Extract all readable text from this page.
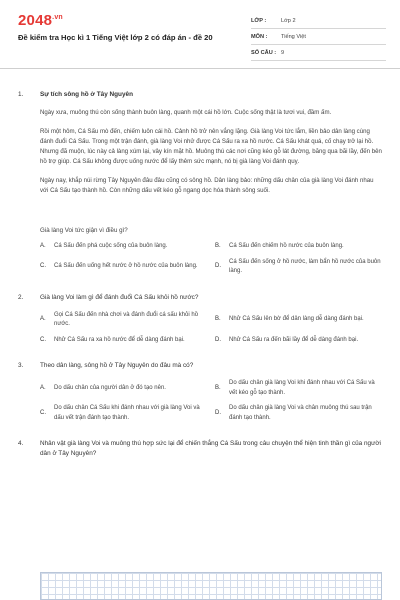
$2048^{.vn}$
Đề kiểm tra Học kì 1 Tiếng Việt lớp 2 có đáp án - đề 20
LỚP :	Lớp 2
MÔN :	Tiếng Việt
SỐ CÂU : 9
1.	Sự tích sông hồ ở Tây Nguyên
Ngày xưa, muông thú còn sống thành buôn làng, quanh một cái hồ lớn. Cuộc sống thật là tươi vui, đầm ấm.
Rồi một hôm, Cá Sấu mò đến, chiếm luôn cái hồ. Cảnh hồ trở nên vắng lặng. Già làng Voi tức lắm, liền bảo dân làng cùng đánh đuổi Cá Sấu. Trong một trận đánh, già làng Voi nhử được Cá Sấu ra xa hồ nước. Cá Sấu khát quá, cố chạy trở lại hồ. Nhưng đã muộn, lúc này cả làng xúm lại, vây kín mặt hồ. Muông thú các nơi cũng kéo gỗ lát đường, băng qua bãi lầy, đến bên hồ trợ giúp. Cá Sấu không được uống nước để lấy thêm sức mạnh, nó bị già làng Voi đánh quỵ.
Ngày nay, khắp núi rừng Tây Nguyên đâu đâu cũng có sông hồ. Dân làng bảo: những dấu chân của già làng Voi đánh nhau với Cá Sấu tạo thành hồ. Còn những dấu vết kéo gỗ ngang dọc hóa thành sông suối.
Già làng Voi tức giận vì điều gì?
A.	Cá Sấu đến phá cuộc sống của buôn làng.	B.	Cá Sấu đến chiếm hồ nước của buôn làng.
C.	Cá Sấu đến uống hết nước ở hồ nước của buôn làng.	D.
Cá Sấu đến sống ở hồ nước, làm bẩn hồ nước của buôn làng.
2.	Già làng Voi làm gì để đánh đuổi Cá Sấu khỏi hồ nước?
A.
Gọi Cá Sấu đến nhà chơi và đánh đuổi cá sấu khỏi hồ nước.
B.	Nhử Cá Sấu lên bờ để dân làng dễ dàng đánh bại.
C.	Nhử Cá Sấu ra xa hồ nước để dễ dàng đánh bại.	D.	Nhử Cá Sấu ra đến bãi lầy để dễ dàng đánh bại.
3.	Theo dân làng, sông hồ ở Tây Nguyên do đâu mà có?
A.	Do dấu chân của người dân ở đó tạo nên.	B.
Do dấu chân già làng Voi khi đánh nhau với Cá Sấu và vết kéo gỗ tạo thành.
C.
Do dấu chân Cá Sấu khi đánh nhau với già làng Voi và dấu vết trận đánh tạo thành.
D.
Do dấu chân già làng Voi và chân muông thú sau trận đánh tạo thành.
4.	Nhân vật già làng Voi và muông thú hợp sức lại để chiến thắng Cá Sấu trong câu chuyện thể hiện tinh thần gì của người dân ở Tây Nguyên?
